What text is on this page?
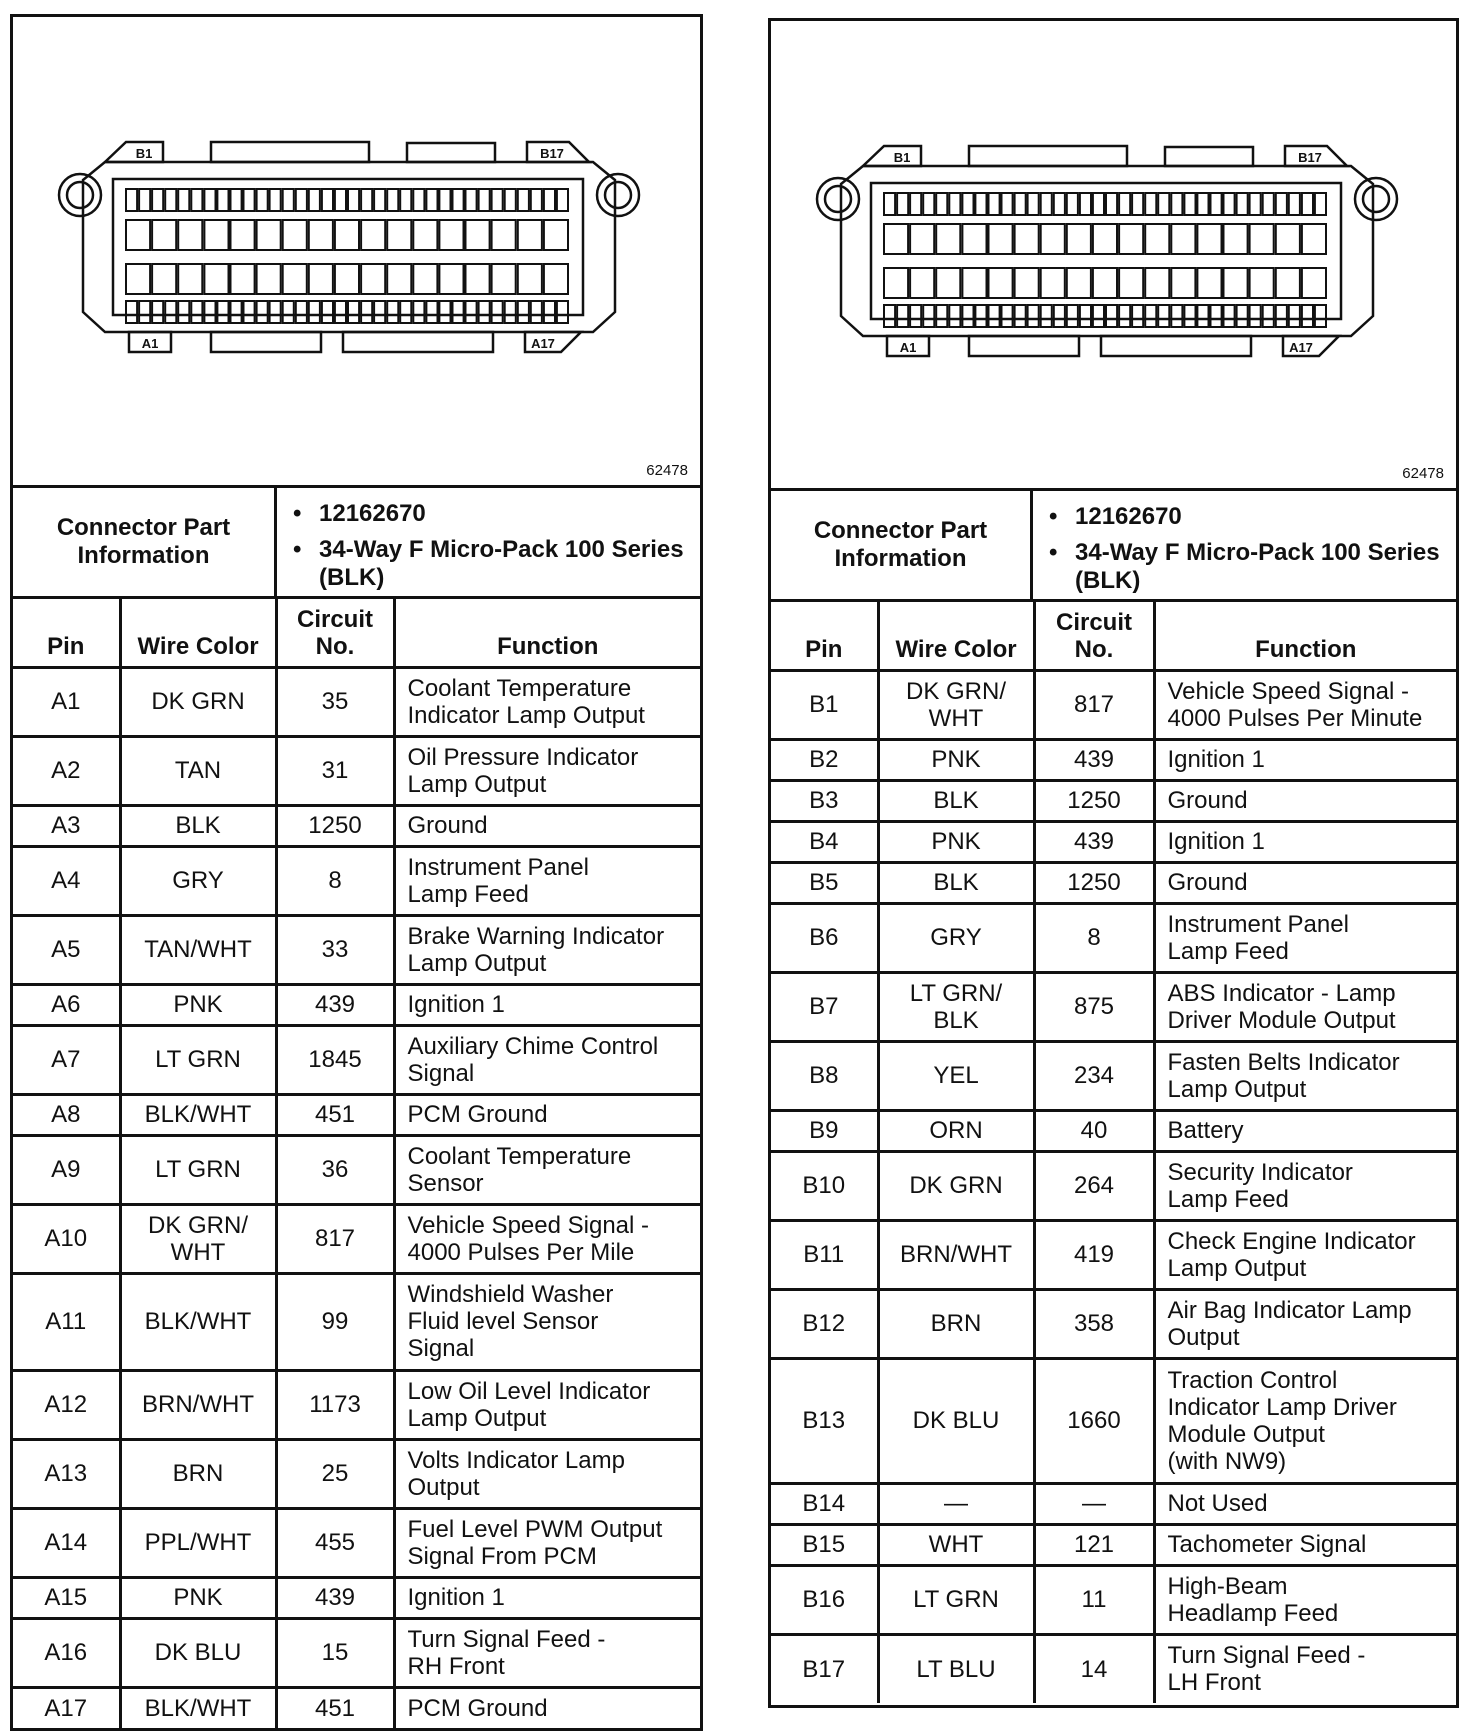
B1	B17
A1	A17
62478
Connector Part Information
• 12162670
• 34-Way F Micro-Pack 100 Series (BLK)
Pin	Wire Color	Circuit No.	Function
A1	DK GRN	35	Coolant Temperature
Indicator Lamp Output
A2	TAN	31	Oil Pressure Indicator
Lamp Output
A3	BLK	1250	Ground
A4	GRY	8	Instrument Panel
Lamp Feed
A5	TAN/WHT	33	Brake Warning Indicator
Lamp Output
A6	PNK	439	Ignition 1
A7	LT GRN	1845	Auxiliary Chime Control
Signal
A8	BLK/WHT	451	PCM Ground
A9	LT GRN	36	Coolant Temperature
Sensor
A10	DK GRN/
WHT	817	Vehicle Speed Signal -
4000 Pulses Per Mile
A11	BLK/WHT	99	Windshield Washer
Fluid level Sensor
Signal
A12	BRN/WHT	1173	Low Oil Level Indicator
Lamp Output
A13	BRN	25	Volts Indicator Lamp
Output
A14	PPL/WHT	455	Fuel Level PWM Output
Signal From PCM
A15	PNK	439	Ignition 1
A16	DK BLU	15	Turn Signal Feed -
RH Front
A17	BLK/WHT	451	PCM Ground
B1	B17
A1	A17
62478
Connector Part Information
• 12162670
• 34-Way F Micro-Pack 100 Series (BLK)
Pin	Wire Color	Circuit No.	Function
B1	DK GRN/
WHT	817	Vehicle Speed Signal -
4000 Pulses Per Minute
B2	PNK	439	Ignition 1
B3	BLK	1250	Ground
B4	PNK	439	Ignition 1
B5	BLK	1250	Ground
B6	GRY	8	Instrument Panel
Lamp Feed
B7	LT GRN/
BLK	875	ABS Indicator - Lamp
Driver Module Output
B8	YEL	234	Fasten Belts Indicator
Lamp Output
B9	ORN	40	Battery
B10	DK GRN	264	Security Indicator
Lamp Feed
B11	BRN/WHT	419	Check Engine Indicator
Lamp Output
B12	BRN	358	Air Bag Indicator Lamp
Output
B13	DK BLU	1660	Traction Control
Indicator Lamp Driver
Module Output
(with NW9)
B14	—	—	Not Used
B15	WHT	121	Tachometer Signal
B16	LT GRN	11	High-Beam
Headlamp Feed
B17	LT BLU	14	Turn Signal Feed -
LH Front
